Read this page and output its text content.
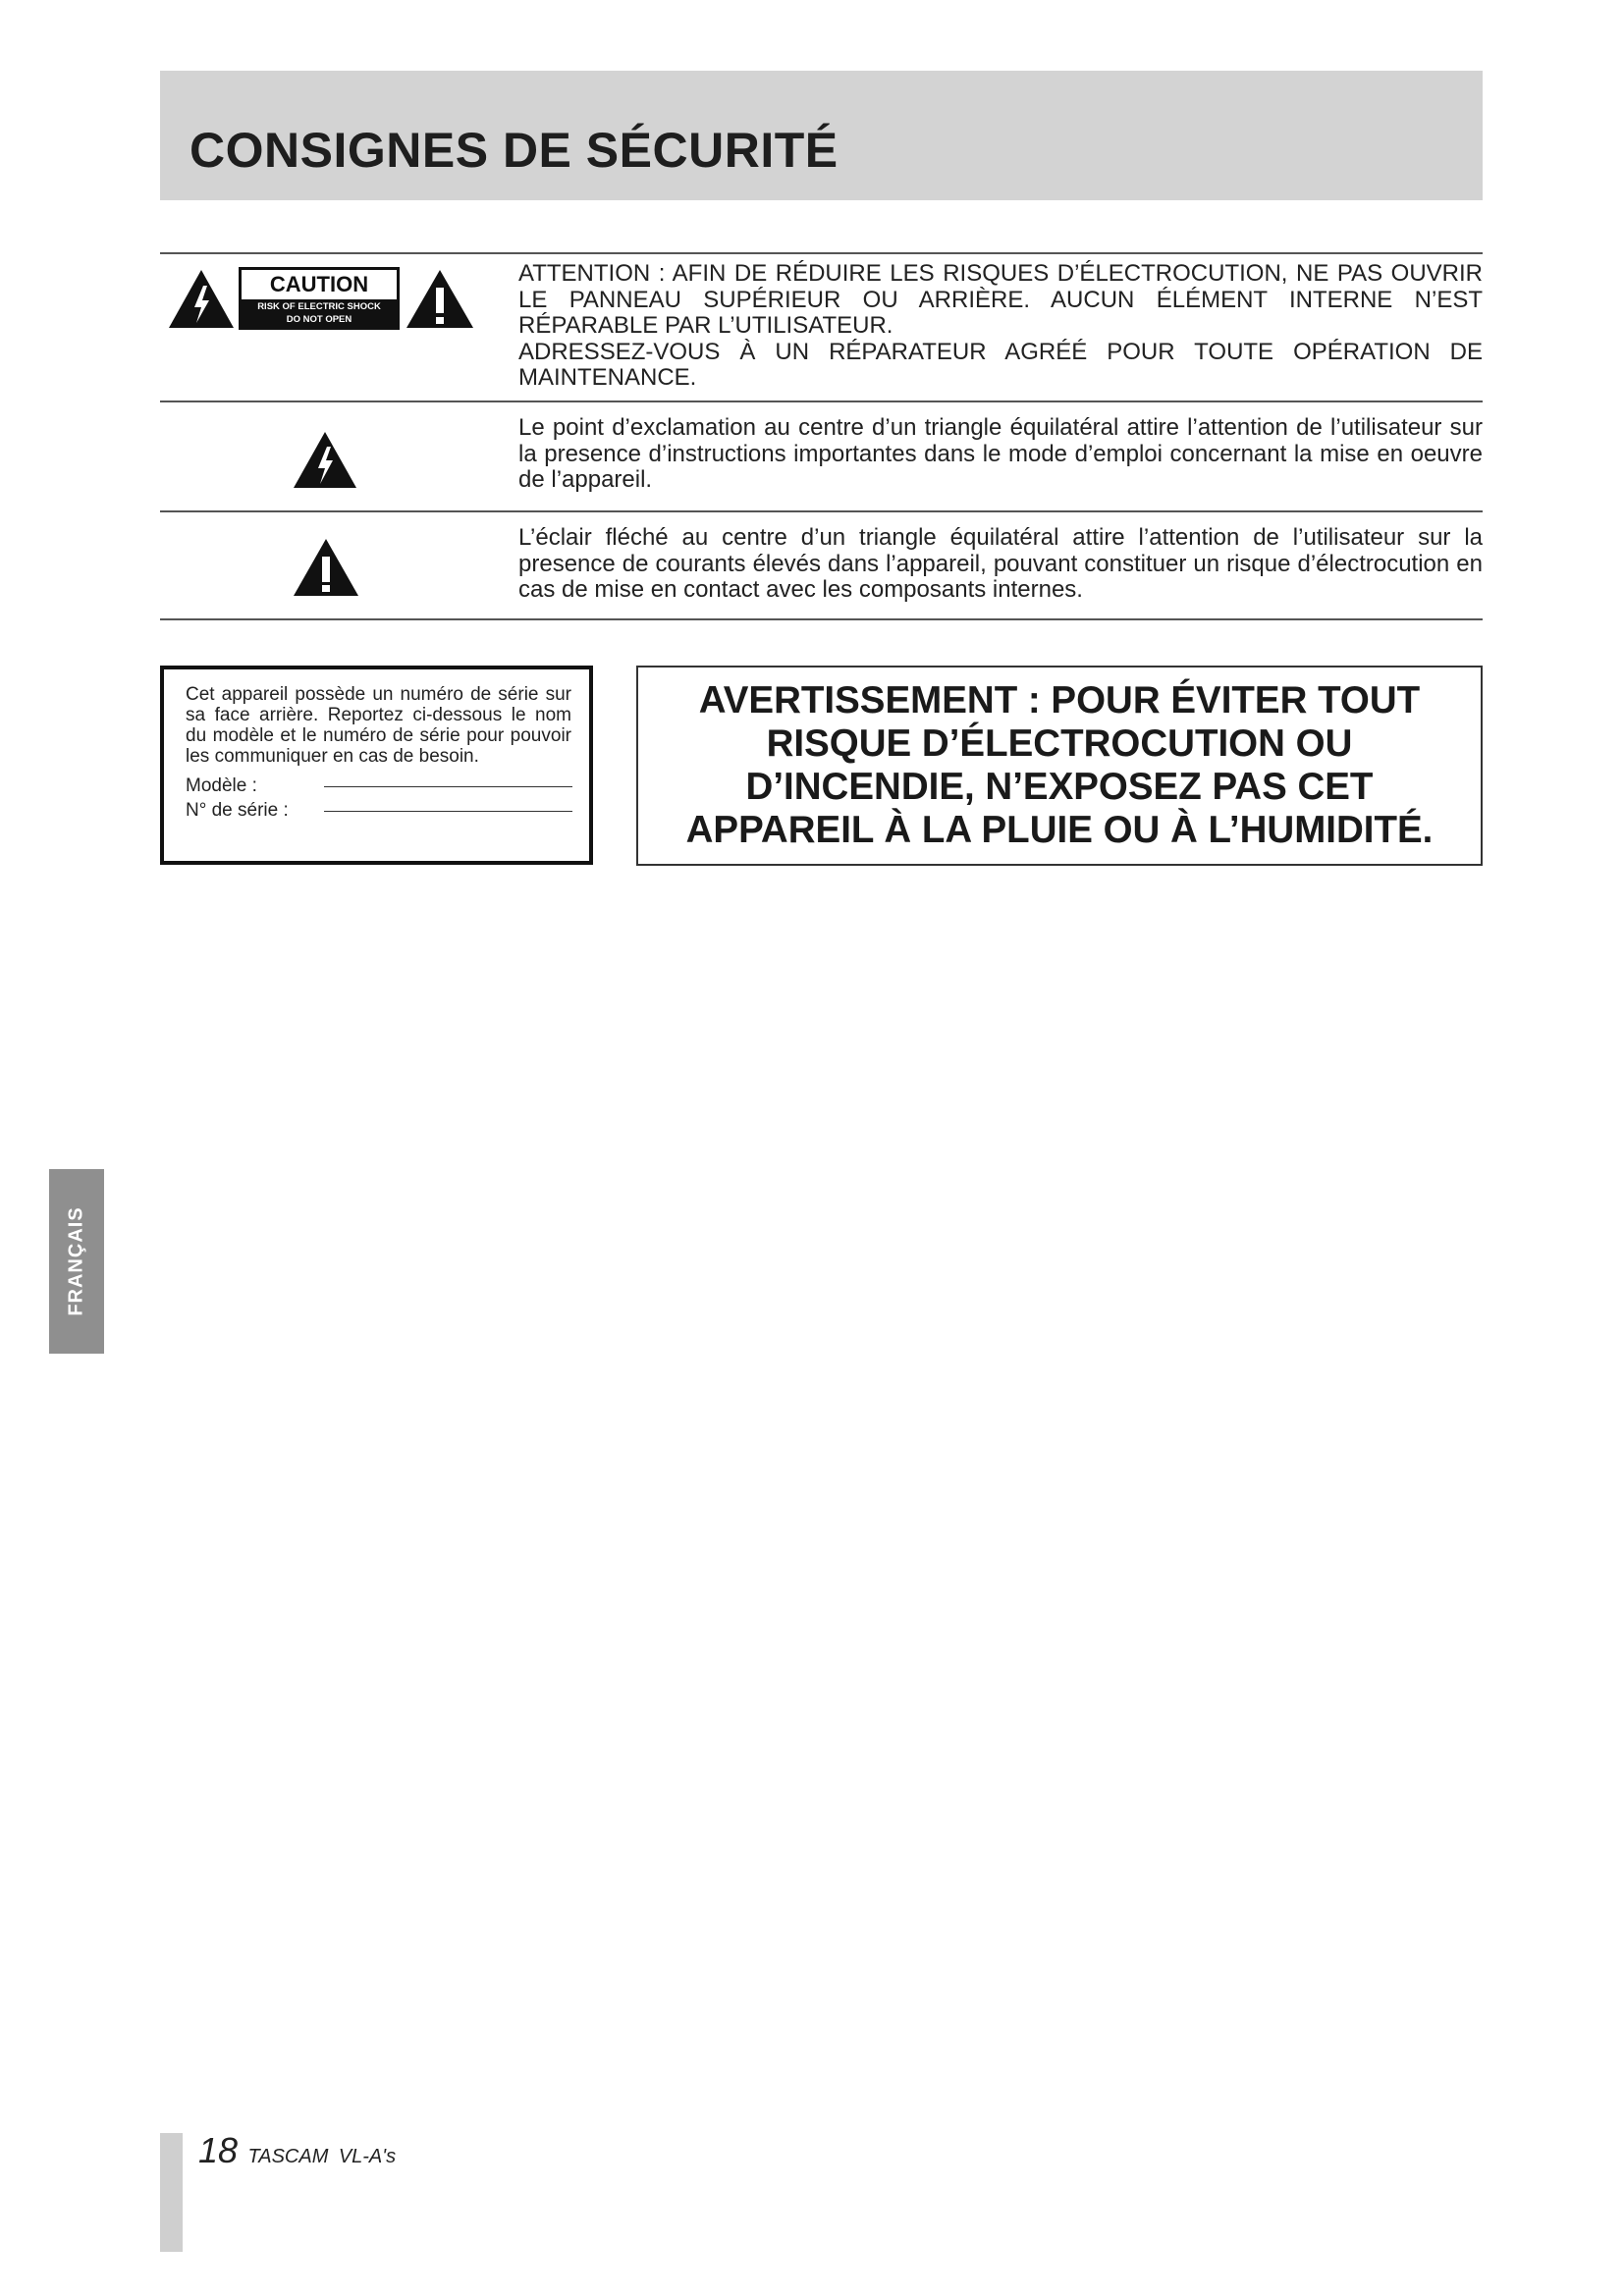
CONSIGNES DE SÉCURITÉ
CAUTION
RISK OF ELECTRIC SHOCK
DO NOT OPEN

ATTENTION : AFIN DE RÉDUIRE LES RISQUES D’ÉLECTROCUTION, NE PAS OUVRIR LE PANNEAU SUPÉRIEUR OU ARRIÈRE. AUCUN ÉLÉMENT INTERNE N’EST RÉPARABLE PAR L’UTILISATEUR.

ADRESSEZ-VOUS À UN RÉPARATEUR AGRÉÉ POUR TOUTE OPÉRATION DE MAINTENANCE.

Le point d’exclamation au centre d’un triangle équilatéral attire l’attention de l’utilisateur sur la presence d’instructions importantes dans le mode d’emploi concernant la mise en oeuvre de l’appareil.
L’éclair fléché au centre d’un triangle équilatéral attire l’attention de l’utilisateur sur la presence de courants élevés dans l’appareil, pouvant constituer un risque d’électrocution en cas de mise en contact avec les composants internes.
Cet appareil possède un numéro de série sur sa face arrière. Reportez ci-dessous le nom du modèle et le numéro de série pour pouvoir les communiquer en cas de besoin.
Modèle :
N° de série :
AVERTISSEMENT : POUR ÉVITER TOUT
RISQUE D’ÉLECTROCUTION OU
D’INCENDIE, N’EXPOSEZ PAS CET
APPAREIL À LA PLUIE OU À L’HUMIDITÉ.
FRANÇAIS
18 TASCAM VL-A's
